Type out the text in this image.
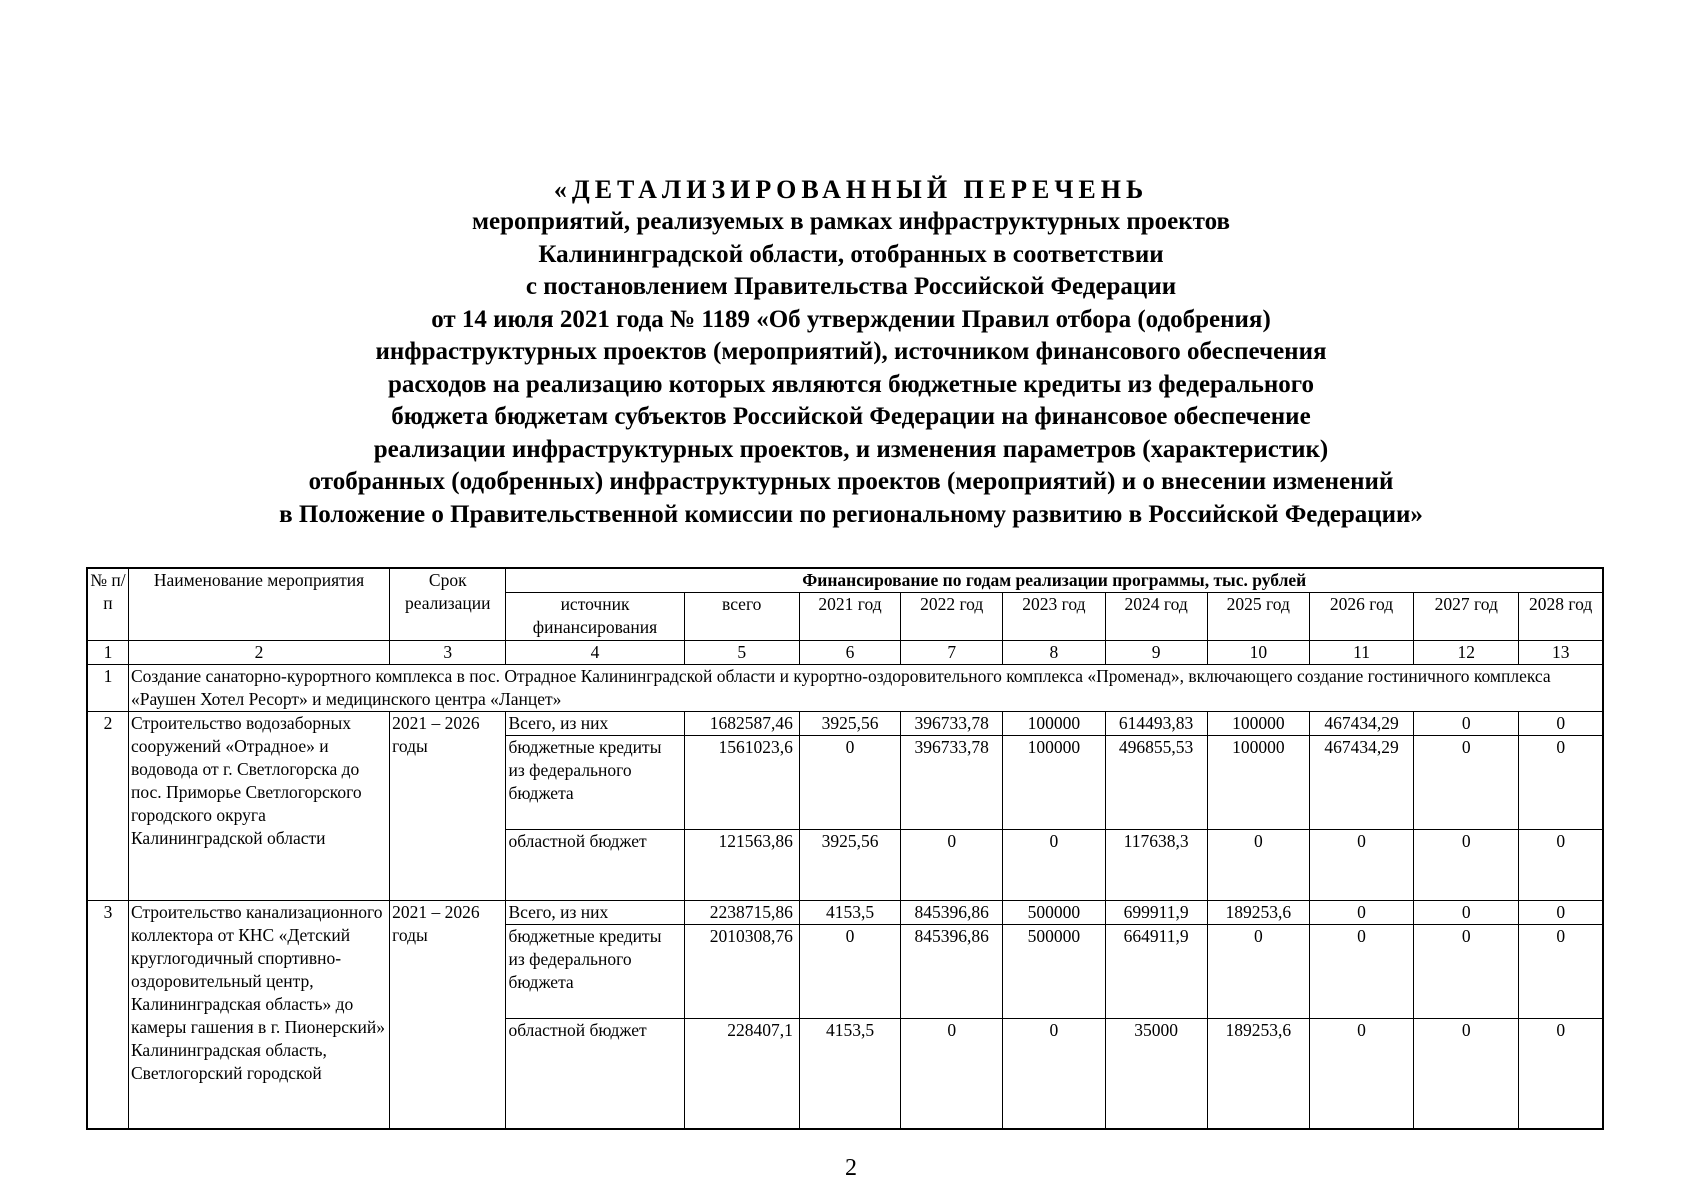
«ДЕТАЛИЗИРОВАННЫЙ ПЕРЕЧЕНЬ
мероприятий, реализуемых в рамках инфраструктурных проектов
Калининградской области, отобранных в соответствии
с постановлением Правительства Российской Федерации
от 14 июля 2021 года № 1189 «Об утверждении Правил отбора (одобрения)
инфраструктурных проектов (мероприятий), источником финансового обеспечения
расходов на реализацию которых являются бюджетные кредиты из федерального
бюджета бюджетам субъектов Российской Федерации на финансовое обеспечение
реализации инфраструктурных проектов, и изменения параметров (характеристик)
отобранных (одобренных) инфраструктурных проектов (мероприятий) и о внесении изменений
в Положение о Правительственной комиссии по региональному развитию в Российской Федерации»
№ п/п	Наименование мероприятия	Срок реализации	Финансирование по годам реализации программы, тыс. рублей									
			источник финансирования	всего	2021 год	2022 год	2023 год	2024 год	2025 год	2026 год	2027 год	2028 год
1	2	3	4	5	6	7	8	9	10	11	12	13
1	Создание санаторно-курортного комплекса в пос. Отрадное Калининградской области и курортно-оздоровительного комплекса «Променад», включающего создание гостиничного комплекса «Раушен Хотел Ресорт» и медицинского центра «Ланцет»											
2	Строительство водозаборных сооружений «Отрадное» и водовода от г. Светлогорска до пос. Приморье Светлогорского городского округа Калининградской области	2021 – 2026 годы	Всего, из них	1682587,46	3925,56	396733,78	100000	614493,83	100000	467434,29	0	0
			бюджетные кредиты из федерального бюджета	1561023,6	0	396733,78	100000	496855,53	100000	467434,29	0	0
			областной бюджет	121563,86	3925,56	0	0	117638,3	0	0	0	0
3	Строительство канализационного коллектора от КНС «Детский круглогодичный спортивно-оздоровительный центр, Калининградская область» до камеры гашения в г. Пионерский» Калининградская область, Светлогорский городской	2021 – 2026 годы	Всего, из них	2238715,86	4153,5	845396,86	500000	699911,9	189253,6	0	0	0
			бюджетные кредиты из федерального бюджета	2010308,76	0	845396,86	500000	664911,9	0	0	0	0
			областной бюджет	228407,1	4153,5	0	0	35000	189253,6	0	0	0
2
